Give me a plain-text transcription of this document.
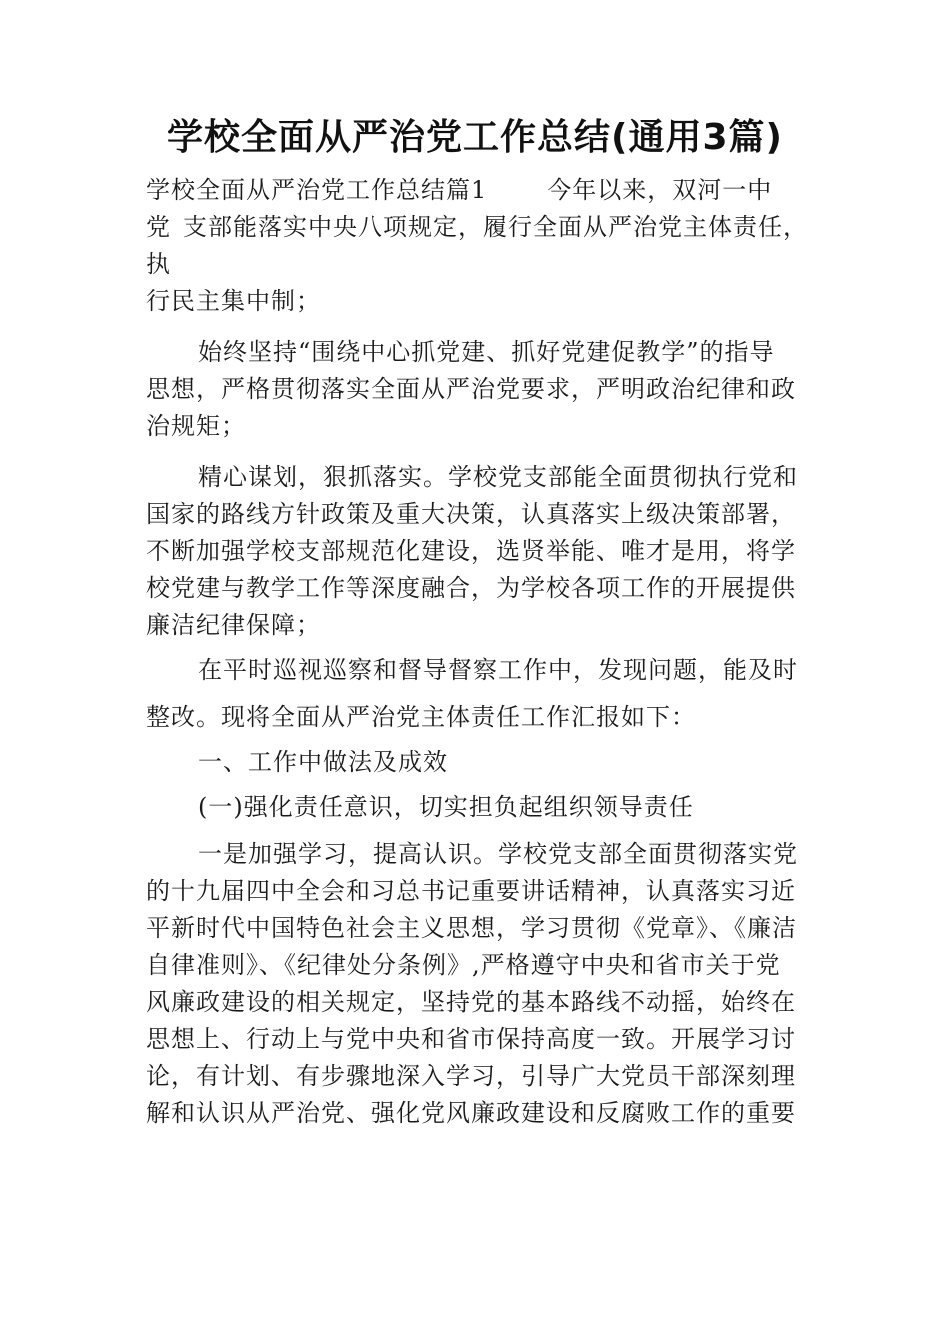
学校全面从严治党工作总结(通用3篇)
学校全面从严治党工作总结篇1	今年以来，双河一中
党 支部能落实中央八项规定，履行全面从严治党主体责任，
执
行民主集中制；
始终坚持“围绕中心抓党建、抓好党建促教学”的指导
思想，严格贯彻落实全面从严治党要求，严明政治纪律和政
治规矩；
精心谋划，狠抓落实。学校党支部能全面贯彻执行党和
国家的路线方针政策及重大决策，认真落实上级决策部署，
不断加强学校支部规范化建设，选贤举能、唯才是用，将学
校党建与教学工作等深度融合，为学校各项工作的开展提供
廉洁纪律保障；
在平时巡视巡察和督导督察工作中，发现问题，能及时
整改。现将全面从严治党主体责任工作汇报如下：
一、工作中做法及成效
(一)强化责任意识，切实担负起组织领导责任
一是加强学习，提高认识。学校党支部全面贯彻落实党
的十九届四中全会和习总书记重要讲话精神，认真落实习近
平新时代中国特色社会主义思想，学习贯彻《党章》、《廉洁
自律准则》、《纪律处分条例》,严格遵守中央和省市关于党
风廉政建设的相关规定，坚持党的基本路线不动摇，始终在
思想上、行动上与党中央和省市保持高度一致。开展学习讨
论，有计划、有步骤地深入学习，引导广大党员干部深刻理
解和认识从严治党、强化党风廉政建设和反腐败工作的重要
